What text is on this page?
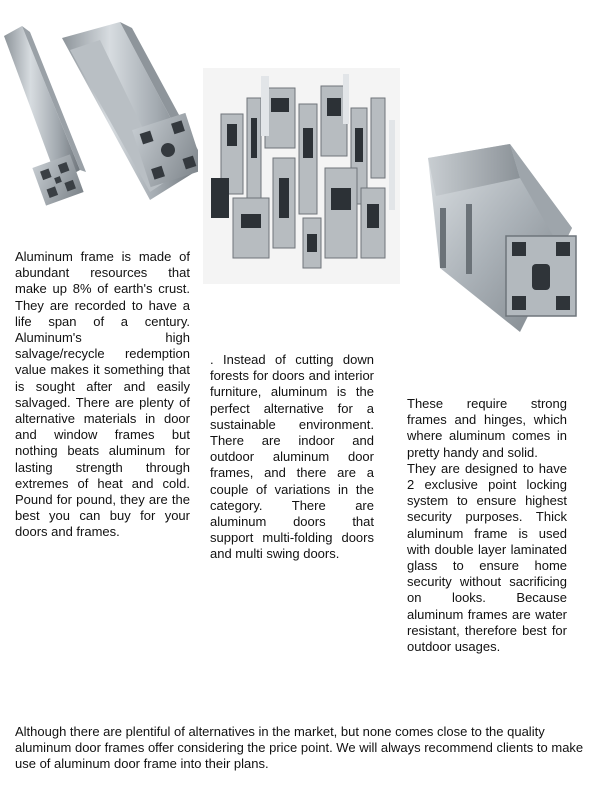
Aluminum frame is made of abundant resources that make up 8% of earth's crust. They are recorded to have a life span of a century. Aluminum's high salvage/recycle redemption value makes it something that is sought after and easily salvaged. There are plenty of alternative materials in door and window frames but nothing beats aluminum for lasting strength through extremes of heat and cold. Pound for pound, they are the best you can buy for your doors and frames.

. Instead of cutting down forests for doors and interior furniture, aluminum is the perfect alternative for a sustainable environment. There are indoor and outdoor aluminum door frames, and there are a couple of variations in the category. There are aluminum doors that support multi-folding doors and multi swing doors.

These require strong frames and hinges, which where aluminum comes in pretty handy and solid.

They are designed to have 2 exclusive point locking system to ensure highest security purposes. Thick aluminum frame is used with double layer laminated glass to ensure home security without sacrificing on looks. Because aluminum frames are water resistant, therefore best for outdoor usages.

Although there are plentiful of alternatives in the market, but none comes close to the quality aluminum door frames offer considering the price point. We will always recommend clients to make use of aluminum door frame into their plans.
